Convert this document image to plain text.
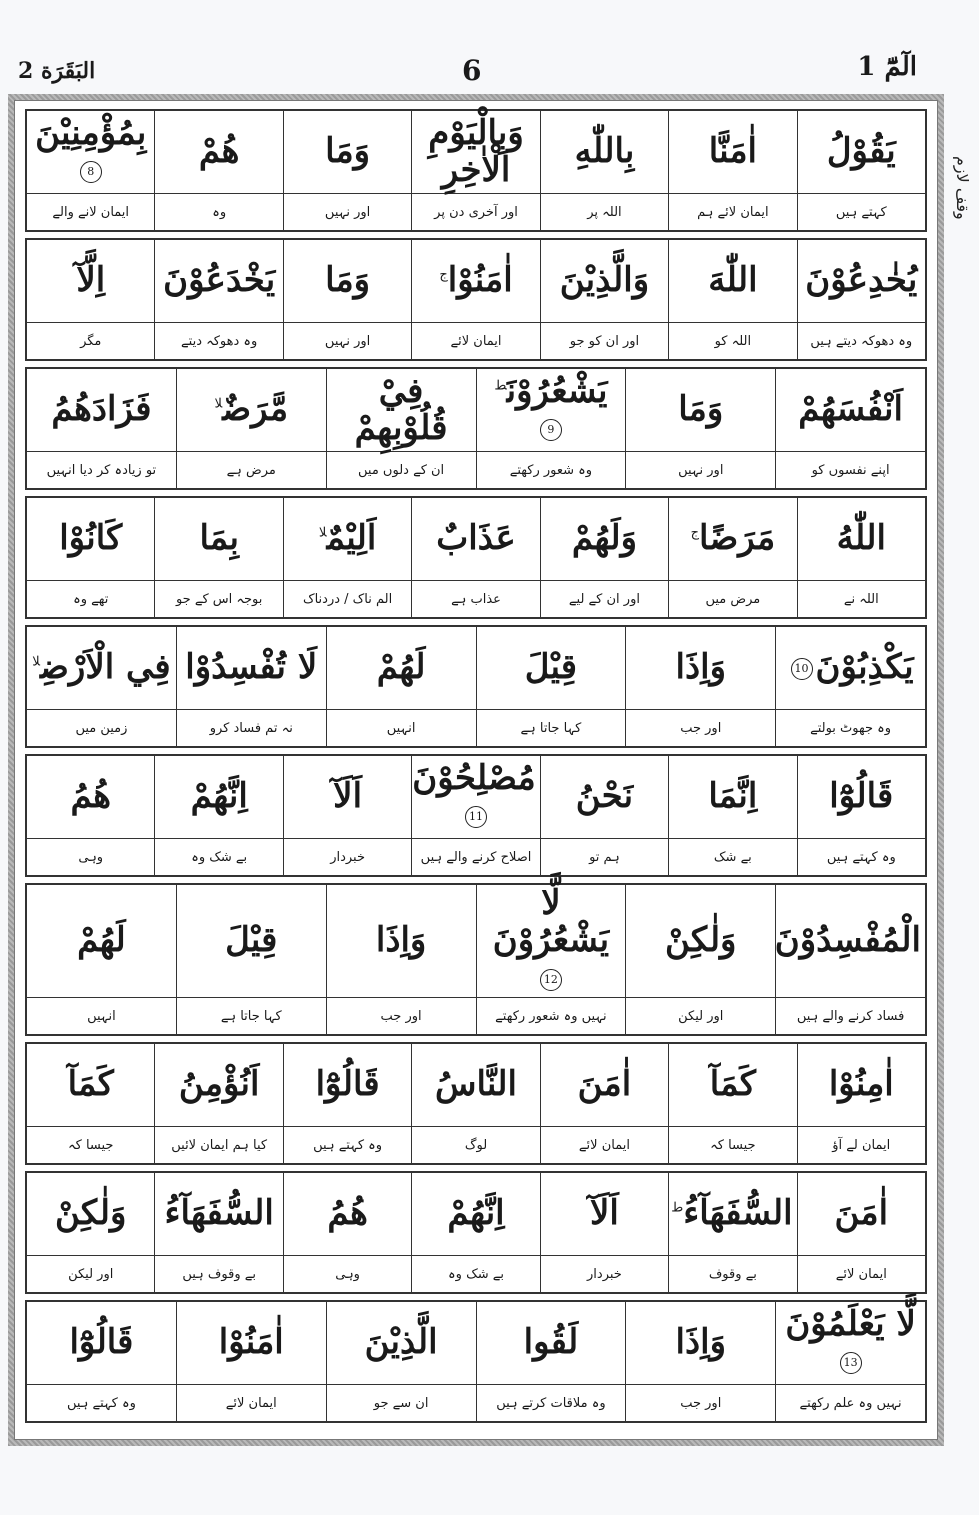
البَقَرَة 2	6	الٓمّٓ 1
وقف لازم
يَقُوْلُ	اٰمَنَّا	بِاللّٰهِ	وَبِالْيَوْمِ الْاٰخِرِ	وَمَا	هُمْ	بِمُؤْمِنِيْنَ8
کہتے ہیں	ایمان لائے ہم	اللہ پر	اور آخری دن پر	اور نہیں	وہ	ایمان لانے والے
يُخٰدِعُوْنَ	اللّٰهَ	وَالَّذِيْنَ	اٰمَنُوْا$^ج$	وَمَا	يَخْدَعُوْنَ	اِلَّآ
وہ دھوکہ دیتے ہیں	اللہ کو	اور ان کو جو	ایمان لائے	اور نہیں	وہ دھوکہ دیتے	مگر
اَنْفُسَهُمْ	وَمَا	يَشْعُرُوْنَ$^ط$9	فِيْ قُلُوْبِهِمْ	مَّرَضٌ$^{لا}$	فَزَادَهُمُ
اپنے نفسوں کو	اور نہیں	وہ شعور رکھتے	ان کے دلوں میں	مرض ہے	تو زیادہ کر دیا انہیں
اللّٰهُ	مَرَضًا$^ج$	وَلَهُمْ	عَذَابٌ	اَلِيْمٌ$^{لا}$	بِمَا	كَانُوْا
اللہ نے	مرض میں	اور ان کے لیے	عذاب ہے	الم ناک / دردناک	بوجہ اس کے جو	تھے وہ
يَكْذِبُوْنَ10	وَاِذَا	قِيْلَ	لَهُمْ	لَا تُفْسِدُوْا	فِي الْاَرْضِ$^{لا}$
وہ جھوٹ بولتے	اور جب	کہا جاتا ہے	انہیں	نہ تم فساد کرو	زمین میں
قَالُوْٓا	اِنَّمَا	نَحْنُ	مُصْلِحُوْنَ11	اَلَآ	اِنَّهُمْ	هُمُ
وہ کہتے ہیں	بے شک	ہم تو	اصلاح کرنے والے ہیں	خبردار	بے شک وہ	وہی
الْمُفْسِدُوْنَ	وَلٰكِنْ	لَّا يَشْعُرُوْنَ12	وَاِذَا	قِيْلَ	لَهُمْ
فساد کرنے والے ہیں	اور لیکن	نہیں وہ شعور رکھتے	اور جب	کہا جاتا ہے	انہیں
اٰمِنُوْا	كَمَآ	اٰمَنَ	النَّاسُ	قَالُوْٓا	اَنُؤْمِنُ	كَمَآ
ایمان لے آؤ	جیسا کہ	ایمان لائے	لوگ	وہ کہتے ہیں	کیا ہم ایمان لائیں	جیسا کہ
اٰمَنَ	السُّفَهَآءُ$^ط$	اَلَآ	اِنَّهُمْ	هُمُ	السُّفَهَآءُ	وَلٰكِنْ
ایمان لائے	بے وقوف	خبردار	بے شک وہ	وہی	بے وقوف ہیں	اور لیکن
لَّا يَعْلَمُوْنَ13	وَاِذَا	لَقُوا	الَّذِيْنَ	اٰمَنُوْا	قَالُوْٓا
نہیں وہ علم رکھتے	اور جب	وہ ملاقات کرتے ہیں	ان سے جو	ایمان لائے	وہ کہتے ہیں
